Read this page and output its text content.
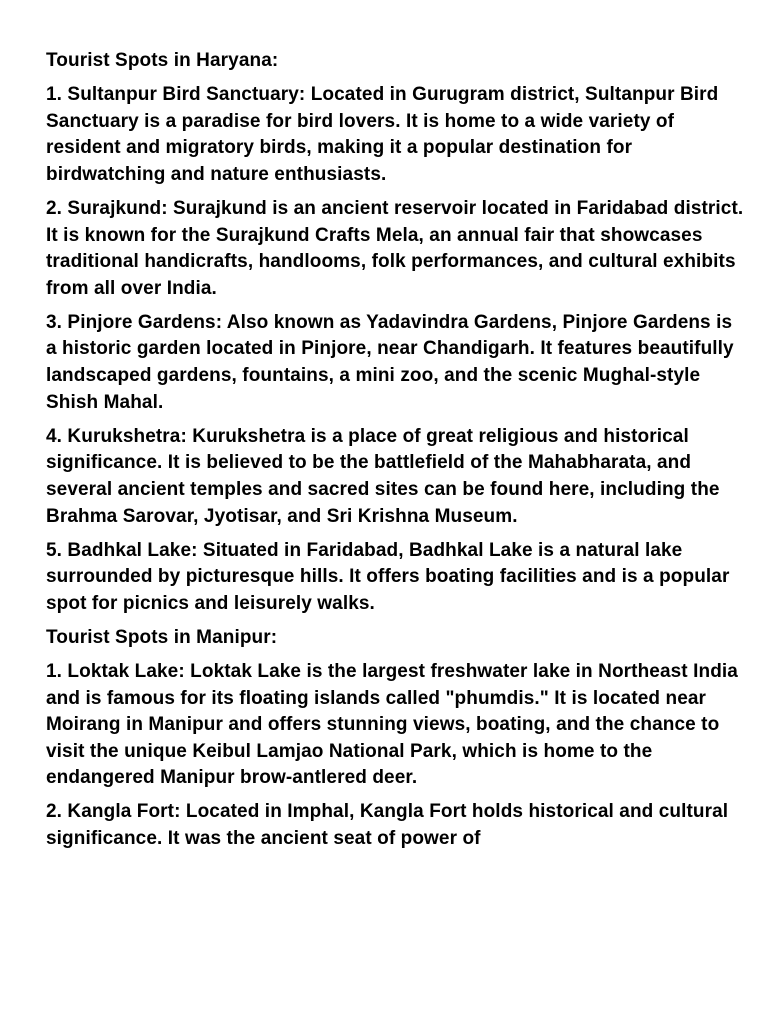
Tourist Spots in Haryana:

1. Sultanpur Bird Sanctuary: Located in Gurugram district, Sultanpur Bird Sanctuary is a paradise for bird lovers. It is home to a wide variety of resident and migratory birds, making it a popular destination for birdwatching and nature enthusiasts.

2. Surajkund: Surajkund is an ancient reservoir located in Faridabad district. It is known for the Surajkund Crafts Mela, an annual fair that showcases traditional handicrafts, handlooms, folk performances, and cultural exhibits from all over India.

3. Pinjore Gardens: Also known as Yadavindra Gardens, Pinjore Gardens is a historic garden located in Pinjore, near Chandigarh. It features beautifully landscaped gardens, fountains, a mini zoo, and the scenic Mughal-style Shish Mahal.

4. Kurukshetra: Kurukshetra is a place of great religious and historical significance. It is believed to be the battlefield of the Mahabharata, and several ancient temples and sacred sites can be found here, including the Brahma Sarovar, Jyotisar, and Sri Krishna Museum.

5. Badhkal Lake: Situated in Faridabad, Badhkal Lake is a natural lake surrounded by picturesque hills. It offers boating facilities and is a popular spot for picnics and leisurely walks.

Tourist Spots in Manipur:

1. Loktak Lake: Loktak Lake is the largest freshwater lake in Northeast India and is famous for its floating islands called "phumdis." It is located near Moirang in Manipur and offers stunning views, boating, and the chance to visit the unique Keibul Lamjao National Park, which is home to the endangered Manipur brow-antlered deer.

2. Kangla Fort: Located in Imphal, Kangla Fort holds historical and cultural significance. It was the ancient seat of power of
